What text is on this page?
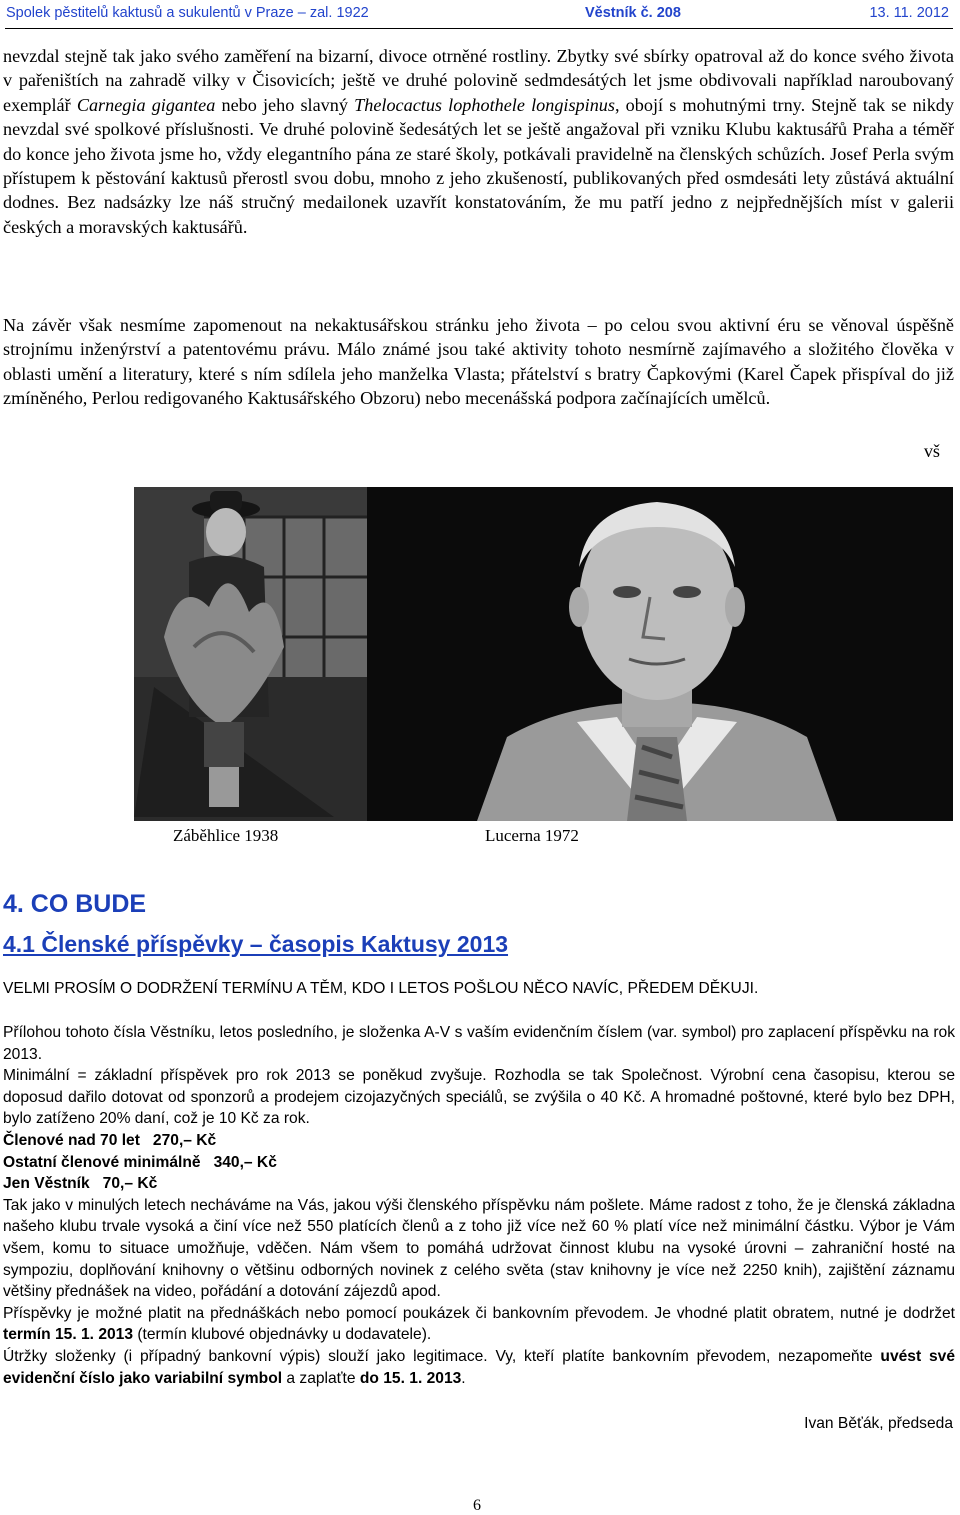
Spolek pěstitelů kaktusů a sukulentů v Praze – zal. 1922	Věstník č. 208	13. 11. 2012

nevzdal stejně tak jako svého zaměření na bizarní, divoce otrněné rostliny. Zbytky své sbírky opatroval až do konce svého života v pařeništích na zahradě vilky v Čisovicích; ještě ve druhé polovině sedmdesátých let jsme obdivovali například naroubovaný exemplář Carnegia gigantea nebo jeho slavný Thelocactus lophothele longispinus, obojí s mohutnými trny. Stejně tak se nikdy nevzdal své spolkové příslušnosti. Ve druhé polovině šedesátých let se ještě angažoval při vzniku Klubu kaktusářů Praha a téměř do konce jeho života jsme ho, vždy elegantního pána ze staré školy, potkávali pravidelně na členských schůzích. Josef Perla svým přístupem k pěstování kaktusů přerostl svou dobu, mnoho z jeho zkušeností, publikovaných před osmdesáti lety zůstává aktuální dodnes. Bez nadsázky lze náš stručný medailonek uzavřít konstatováním, že mu patří jedno z nejpřednějších míst v galerii českých a moravských kaktusářů.

Na závěr však nesmíme zapomenout na nekaktusářskou stránku jeho života – po celou svou aktivní éru se věnoval úspěšně strojnímu inženýrství a patentovému právu. Málo známé jsou také aktivity tohoto nesmírně zajímavého a složitého člověka v oblasti umění a literatury, které s ním sdílela jeho manželka Vlasta; přátelství s bratry Čapkovými (Karel Čapek přispíval do již zmíněného, Perlou redigovaného Kaktusářského Obzoru) nebo mecenášská podpora začínajících umělců.

vš
Záběhlice 1938	Lucerna 1972
4. CO BUDE
4.1 Členské příspěvky – časopis Kaktusy 2013
VELMI PROSÍM O DODRŽENÍ TERMÍNU A TĚM, KDO I LETOS POŠLOU NĚCO NAVÍC, PŘEDEM DĚKUJI.

Přílohou tohoto čísla Věstníku, letos posledního, je složenka A-V s vaším evidenčním číslem (var. symbol) pro zaplacení příspěvku na rok 2013.

Minimální = základní příspěvek pro rok 2013 se poněkud zvyšuje. Rozhodla se tak Společnost. Výrobní cena časopisu, kterou se doposud dařilo dotovat od sponzorů a prodejem cizojazyčných speciálů, se zvýšila o 40 Kč. A hromadné poštovné, které bylo bez DPH, bylo zatíženo 20% daní, což je 10 Kč za rok.

Členové nad 70 let   270,– Kč

Ostatní členové minimálně   340,– Kč

Jen Věstník   70,– Kč

Tak jako v minulých letech necháváme na Vás, jakou výši členského příspěvku nám pošlete. Máme radost z toho, že je členská základna našeho klubu trvale vysoká a činí více než 550 platících členů a z toho již více než 60 % platí více než minimální částku. Výbor je Vám všem, komu to situace umožňuje, vděčen. Nám všem to pomáhá udržovat činnost klubu na vysoké úrovni – zahraniční hosté na sympoziu, doplňování knihovny o většinu odborných novinek z celého světa (stav knihovny je více než 2250 knih), zajištění záznamu většiny přednášek na video, pořádání a dotování zájezdů apod.

Příspěvky je možné platit na přednáškách nebo pomocí poukázek či bankovním převodem. Je vhodné platit obratem, nutné je dodržet termín 15. 1. 2013 (termín klubové objednávky u dodavatele).

Útržky složenky (i případný bankovní výpis) slouží jako legitimace. Vy, kteří platíte bankovním převodem, nezapomeňte uvést své evidenční číslo jako variabilní symbol a zaplaťte do 15. 1. 2013.

Ivan Běťák, předseda
6
